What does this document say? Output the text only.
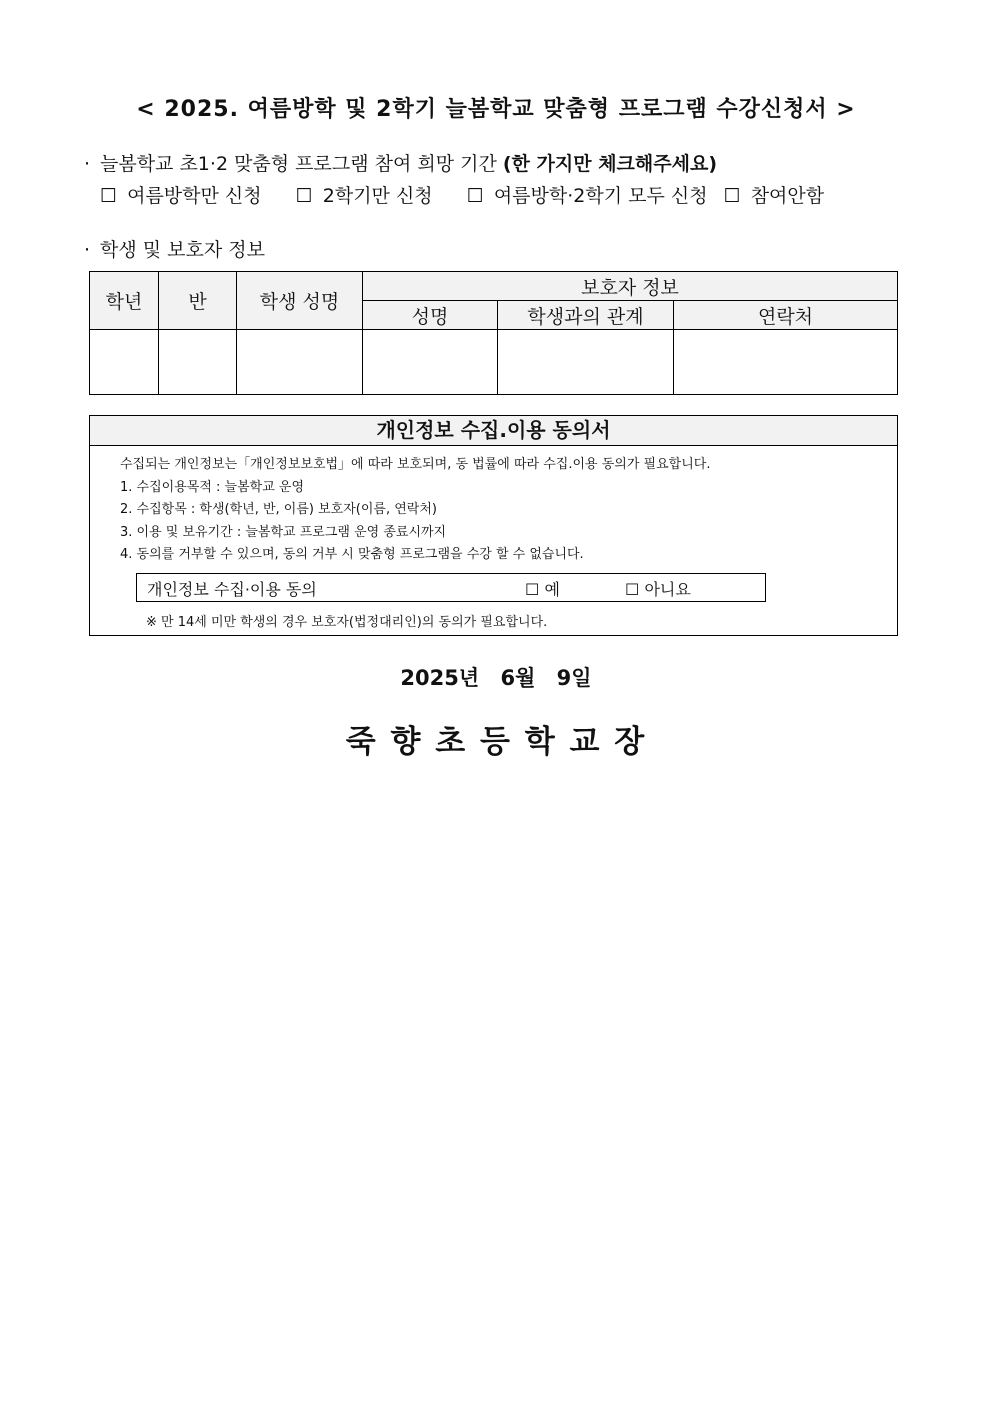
< 2025. 여름방학 및 2학기 늘봄학교 맞춤형 프로그램 수강신청서 >
· 늘봄학교 초1·2 맞춤형 프로그램 참여 희망 기간 (한 가지만 체크해주세요)
☐ 여름방학만 신청 ☐ 2학기만 신청 ☐ 여름방학·2학기 모두 신청 ☐ 참여안함
· 학생 및 보호자 정보
학년	반	학생 성명	보호자 정보		
			성명	학생과의 관계	연락처

개인정보 수집.이용 동의서
수집되는 개인정보는「개인정보보호법」에 따라 보호되며, 동 법률에 따라 수집.이용 동의가 필요합니다.
1. 수집이용목적 : 늘봄학교 운영
2. 수집항목 : 학생(학년, 반, 이름) 보호자(이름, 연락처)
3. 이용 및 보유기간 : 늘봄학교 프로그램 운영 종료시까지
4. 동의를 거부할 수 있으며, 동의 거부 시 맞춤형 프로그램을 수강 할 수 없습니다.
개인정보 수집·이용 동의	☐ 예	☐ 아니요
※ 만 14세 미만 학생의 경우 보호자(법정대리인)의 동의가 필요합니다.
2025년 6월 9일
죽 향 초 등 학 교 장
